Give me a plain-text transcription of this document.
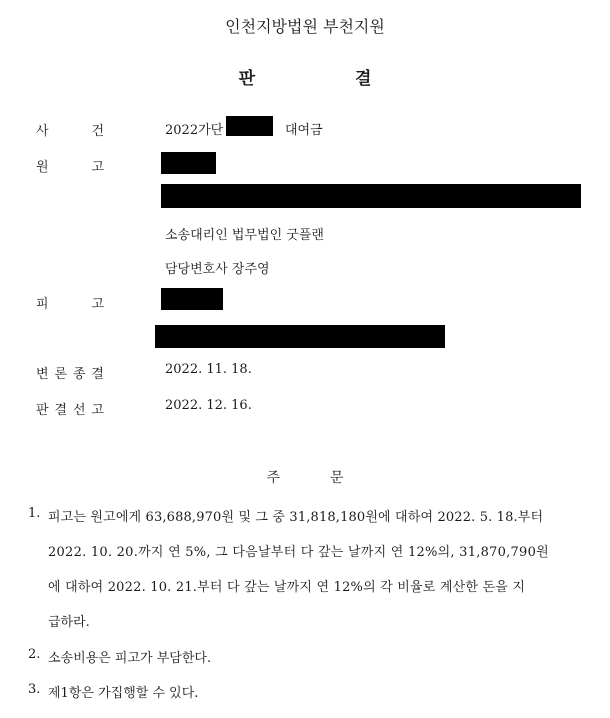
인천지방법원 부천지원
판	결
사	건	2022가단	대여금
원	고
소송대리인 법무법인 굿플랜
담당변호사 장주영
피	고
변 론 종 결	2022. 11. 18.
판 결 선 고	2022. 12. 16.
주	문
1. 피고는 원고에게 63,688,970원 및 그 중 31,818,180원에 대하여 2022. 5. 18.부터
2022. 10. 20.까지 연 5%, 그 다음날부터 다 갚는 날까지 연 12%의, 31,870,790원
에 대하여 2022. 10. 21.부터 다 갚는 날까지 연 12%의 각 비율로 계산한 돈을 지
급하라.
2. 소송비용은 피고가 부담한다.
3. 제1항은 가집행할 수 있다.
